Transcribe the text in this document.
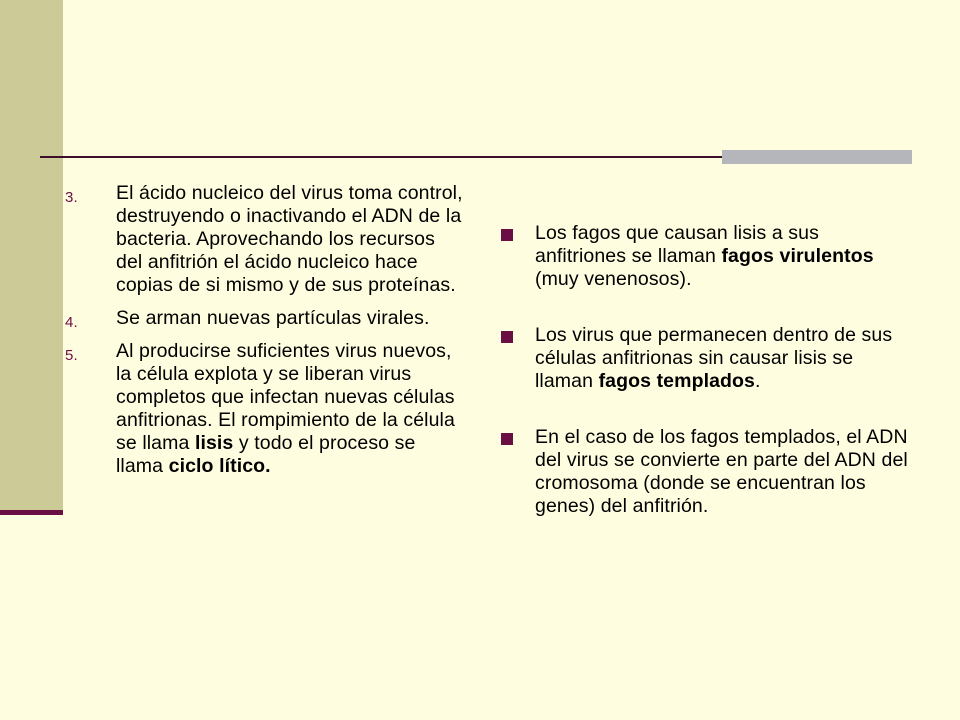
3. El ácido nucleico del virus toma control, destruyendo o inactivando el ADN de la bacteria. Aprovechando los recursos del anfitrión el ácido nucleico hace copias de si mismo y de sus proteínas.
4. Se arman nuevas partículas virales.
5. Al producirse suficientes virus nuevos, la célula explota y se liberan virus completos que infectan nuevas células anfitrionas. El rompimiento de la célula se llama lisis y todo el proceso se llama ciclo lítico.
Los fagos que causan lisis a sus anfitriones se llaman fagos virulentos (muy venenosos).
Los virus que permanecen dentro de sus células anfitrionas sin causar lisis se llaman fagos templados.
En el caso de los fagos templados, el ADN del virus se convierte en parte del ADN del cromosoma (donde se encuentran los genes) del anfitrión.
